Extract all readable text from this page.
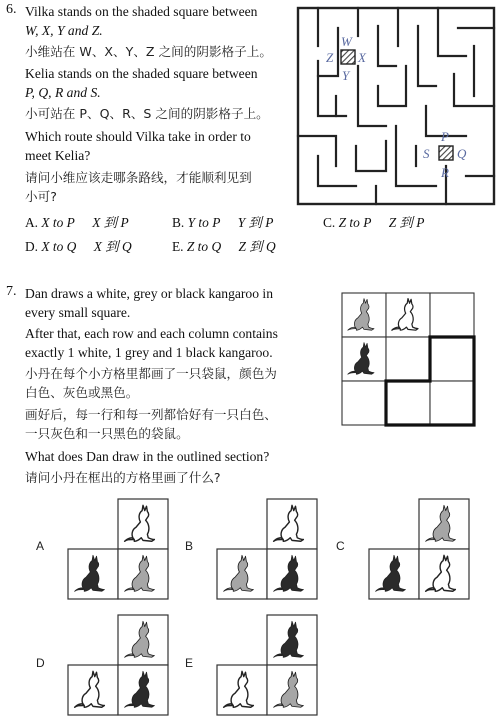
6. Vilka stands on the shaded square between
W, X, Y and Z.
小维站在 W、X、Y、Z 之间的阴影格子上。
Kelia stands on the shaded square between
P, Q, R and S.
小可站在 P、Q、R、S 之间的阴影格子上。
Which route should Vilka take in order to
meet Kelia?
请问小维应该走哪条路线，才能顺利见到
小可?
W
X
Y
Z
P
Q
R
S
A. X to P X 到 P	B. Y to P Y 到 P	C. Z to P Z 到 P
D. X to Q X 到 Q	E. Z to Q Z 到 Q
7. Dan draws a white, grey or black kangaroo in
every small square.
After that, each row and each column contains
exactly 1 white, 1 grey and 1 black kangaroo.
小丹在每个小方格里都画了一只袋鼠，颜色为
白色、灰色或黑色。
画好后，每一行和每一列都恰好有一只白色、
一只灰色和一只黑色的袋鼠。
What does Dan draw in the outlined section?
请问小丹在框出的方格里画了什么?
A	B	C
D	E
